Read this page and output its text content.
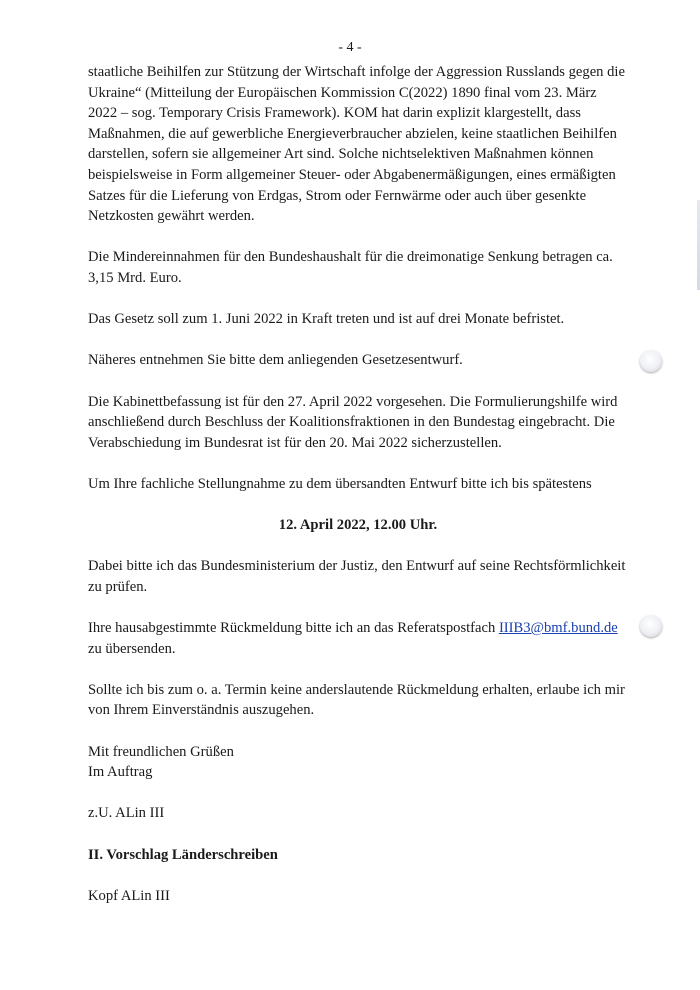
- 4 -

staatliche Beihilfen zur Stützung der Wirtschaft infolge der Aggression Russlands gegen die Ukraine“ (Mitteilung der Europäischen Kommission C(2022) 1890 final vom 23. März 2022 – sog. Temporary Crisis Framework). KOM hat darin explizit klargestellt, dass Maßnahmen, die auf gewerbliche Energieverbraucher abzielen, keine staatlichen Beihilfen darstellen, sofern sie allgemeiner Art sind. Solche nichtselektiven Maßnahmen können beispielsweise in Form allgemeiner Steuer- oder Abgabenermäßigungen, eines ermäßigten Satzes für die Lieferung von Erdgas, Strom oder Fernwärme oder auch über gesenkte Netzkosten gewährt werden.

Die Mindereinnahmen für den Bundeshaushalt für die dreimonatige Senkung betragen ca. 3,15 Mrd. Euro.

Das Gesetz soll zum 1. Juni 2022 in Kraft treten und ist auf drei Monate befristet.

Näheres entnehmen Sie bitte dem anliegenden Gesetzesentwurf.

Die Kabinettbefassung ist für den 27. April 2022 vorgesehen. Die Formulierungshilfe wird anschließend durch Beschluss der Koalitionsfraktionen in den Bundestag eingebracht. Die Verabschiedung im Bundesrat ist für den 20. Mai 2022 sicherzustellen.

Um Ihre fachliche Stellungnahme zu dem übersandten Entwurf bitte ich bis spätestens

12. April 2022, 12.00 Uhr.

Dabei bitte ich das Bundesministerium der Justiz, den Entwurf auf seine Rechtsförmlichkeit zu prüfen.

Ihre hausabgestimmte Rückmeldung bitte ich an das Referatspostfach IIIB3@bmf.bund.de zu übersenden.

Sollte ich bis zum o. a. Termin keine anderslautende Rückmeldung erhalten, erlaube ich mir von Ihrem Einverständnis auszugehen.

Mit freundlichen Grüßen

Im Auftrag

z.U. ALin III

II. Vorschlag Länderschreiben

Kopf ALin III
